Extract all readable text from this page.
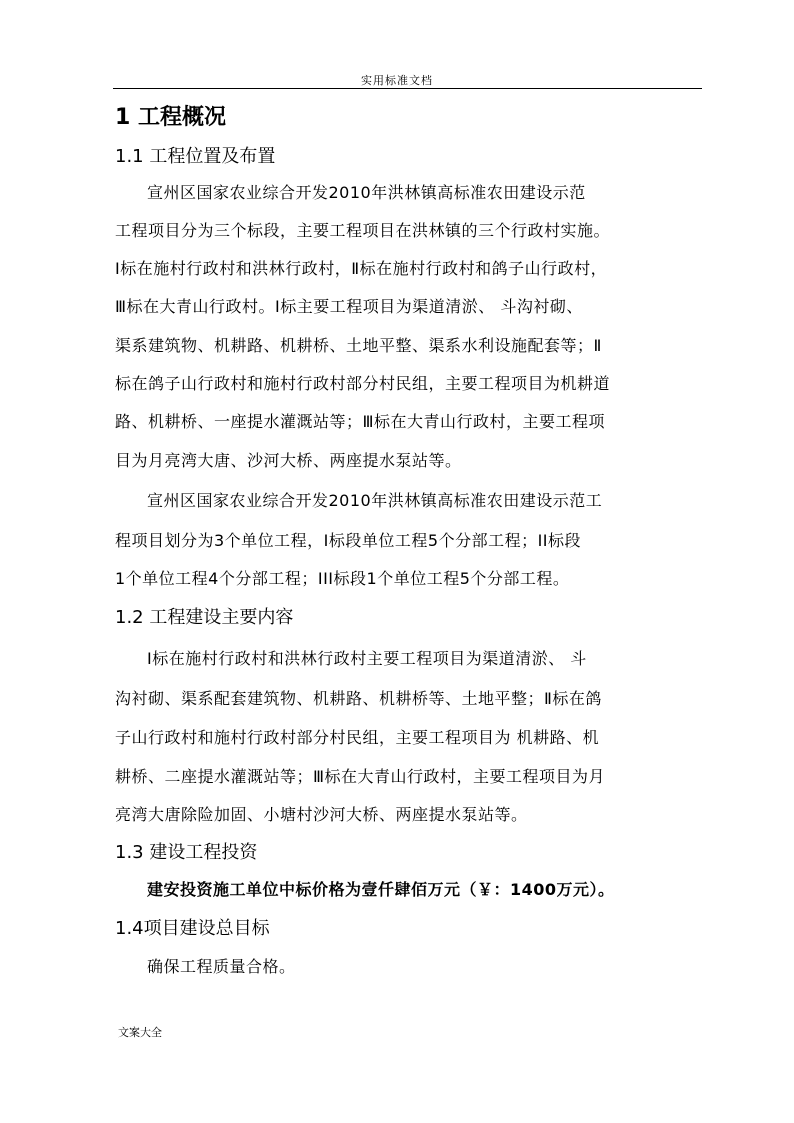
实用标准文档
1 工程概况
1.1 工程位置及布置
宣州区国家农业综合开发2010年洪林镇高标准农田建设示范
工程项目分为三个标段，主要工程项目在洪林镇的三个行政村实施。
Ⅰ标在施村行政村和洪林行政村，Ⅱ标在施村行政村和鸽子山行政村，
Ⅲ标在大青山行政村。Ⅰ标主要工程项目为渠道清淤、 斗沟衬砌、
渠系建筑物、机耕路、机耕桥、土地平整、渠系水利设施配套等；Ⅱ
标在鸽子山行政村和施村行政村部分村民组，主要工程项目为机耕道
路、机耕桥、一座提水灌溉站等；Ⅲ标在大青山行政村，主要工程项
目为月亮湾大唐、沙河大桥、两座提水泵站等。
宣州区国家农业综合开发2010年洪林镇高标准农田建设示范工
程项目划分为3个单位工程，I标段单位工程5个分部工程；II标段
1个单位工程4个分部工程；III标段1个单位工程5个分部工程。
1.2 工程建设主要内容
Ⅰ标在施村行政村和洪林行政村主要工程项目为渠道清淤、 斗
沟衬砌、渠系配套建筑物、机耕路、机耕桥等、土地平整；Ⅱ标在鸽
子山行政村和施村行政村部分村民组，主要工程项目为 机耕路、机
耕桥、二座提水灌溉站等；Ⅲ标在大青山行政村，主要工程项目为月
亮湾大唐除险加固、小塘村沙河大桥、两座提水泵站等。
1.3 建设工程投资
建安投资施工单位中标价格为壹仟肆佰万元（￥：1400万元）。
1.4项目建设总目标
确保工程质量合格。
文案大全
